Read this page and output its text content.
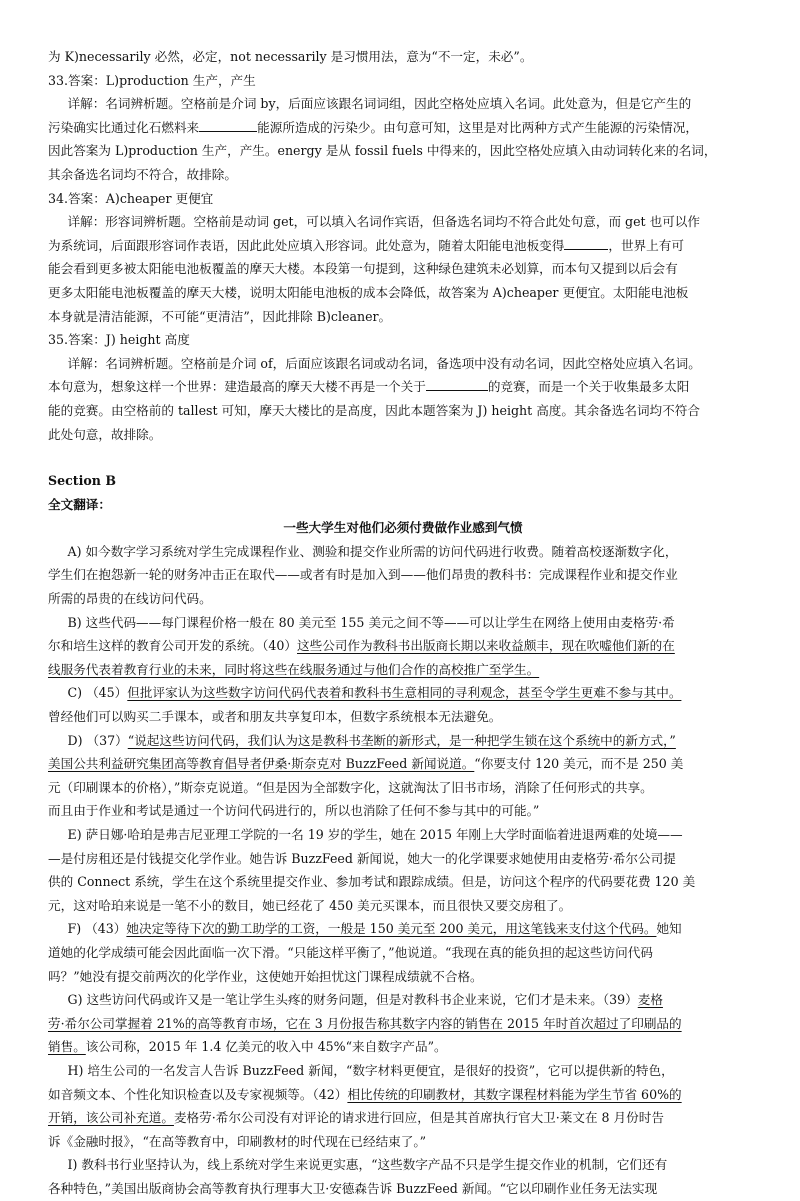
为 K)necessarily 必然，必定，not necessarily 是习惯用法，意为“不一定，未必”。

33.答案：L)production 生产，产生

详解：名词辨析题。空格前是介词 by，后面应该跟名词词组，因此空格处应填入名词。此处意为，但是它产生的

污染确实比通过化石燃料来	能源所造成的污染少。由句意可知，这里是对比两种方式产生能源的污染情况，

因此答案为 L)production 生产，产生。energy 是从 fossil fuels 中得来的，因此空格处应填入由动词转化来的名词，

其余备选名词均不符合，故排除。

34.答案：A)cheaper 更便宜

详解：形容词辨析题。空格前是动词 get，可以填入名词作宾语，但备选名词均不符合此处句意，而 get 也可以作

为系统词，后面跟形容词作表语，因此此处应填入形容词。此处意为，随着太阳能电池板变得	，世界上有可

能会看到更多被太阳能电池板覆盖的摩天大楼。本段第一句提到，这种绿色建筑未必划算，而本句又提到以后会有

更多太阳能电池板覆盖的摩天大楼，说明太阳能电池板的成本会降低，故答案为 A)cheaper 更便宜。太阳能电池板

本身就是清洁能源，不可能“更清洁”，因此排除 B)cleaner。

35.答案：J) height 高度

详解：名词辨析题。空格前是介词 of，后面应该跟名词或动名词，备选项中没有动名词，因此空格处应填入名词。

本句意为，想象这样一个世界：建造最高的摩天大楼不再是一个关于	的竞赛，而是一个关于收集最多太阳

能的竞赛。由空格前的 tallest 可知，摩天大楼比的是高度，因此本题答案为 J) height 高度。其余备选名词均不符合

此处句意，故排除。

Section B

全文翻译：

一些大学生对他们必须付费做作业感到气愤

A) 如今数字学习系统对学生完成课程作业、测验和提交作业所需的访问代码进行收费。随着高校逐渐数字化，

学生们在抱怨新一轮的财务冲击正在取代——或者有时是加入到——他们昂贵的教科书：完成课程作业和提交作业

所需的昂贵的在线访问代码。

B) 这些代码——每门课程价格一般在 80 美元至 155 美元之间不等——可以让学生在网络上使用由麦格劳·希

尔和培生这样的教育公司开发的系统。（40）这些公司作为教科书出版商长期以来收益颇丰，现在吹嘘他们新的在

线服务代表着教育行业的未来，同时将这些在线服务通过与他们合作的高校推广至学生。

C) （45）但批评家认为这些数字访问代码代表着和教科书生意相同的寻利观念，甚至令学生更难不参与其中。

曾经他们可以购买二手课本，或者和朋友共享复印本，但数字系统根本无法避免。

D) （37）“说起这些访问代码，我们认为这是教科书垄断的新形式，是一种把学生锁在这个系统中的新方式，”

美国公共利益研究集团高等教育倡导者伊桑·斯奈克对 BuzzFeed 新闻说道。“你要支付 120 美元，而不是 250 美

元（印刷课本的价格），”斯奈克说道。“但是因为全部数字化，这就淘汰了旧书市场，消除了任何形式的共享。

而且由于作业和考试是通过一个访问代码进行的，所以也消除了任何不参与其中的可能。”

E) 萨日娜·哈珀是弗吉尼亚理工学院的一名 19 岁的学生，她在 2015 年刚上大学时面临着进退两难的处境——

—是付房租还是付钱提交化学作业。她告诉 BuzzFeed 新闻说，她大一的化学课要求她使用由麦格劳·希尔公司提

供的 Connect 系统，学生在这个系统里提交作业、参加考试和跟踪成绩。但是，访问这个程序的代码要花费 120 美

元，这对哈珀来说是一笔不小的数目，她已经花了 450 美元买课本，而且很快又要交房租了。

F) （43）她决定等待下次的勤工助学的工资，一般是 150 美元至 200 美元，用这笔钱来支付这个代码。她知

道她的化学成绩可能会因此面临一次下滑。“只能这样平衡了，”他说道。“我现在真的能负担的起这些访问代码

吗？”她没有提交前两次的化学作业，这使她开始担忧这门课程成绩就不合格。

G) 这些访问代码或许又是一笔让学生头疼的财务问题，但是对教科书企业来说，它们才是未来。（39）麦格

劳·希尔公司掌握着 21%的高等教育市场，它在 3 月份报告称其数字内容的销售在 2015 年时首次超过了印刷品的

销售。该公司称，2015 年 1.4 亿美元的收入中 45%“来自数字产品”。

H) 培生公司的一名发言人告诉 BuzzFeed 新闻，“数字材料更便宜，是很好的投资”，它可以提供新的特色，

如音频文本、个性化知识检查以及专家视频等。（42）相比传统的印刷教材，其数字课程材料能为学生节省 60%的

开销，该公司补充道。麦格劳·希尔公司没有对评论的请求进行回应，但是其首席执行官大卫·莱文在 8 月份时告

诉《金融时报》，“在高等教育中，印刷教材的时代现在已经结束了。”

I) 教科书行业坚持认为，线上系统对学生来说更实惠，“这些数字产品不只是学生提交作业的机制，它们还有

各种特色，”美国出版商协会高等教育执行理事大卫·安德森告诉 BuzzFeed 新闻。“它以印刷作业任务无法实现
